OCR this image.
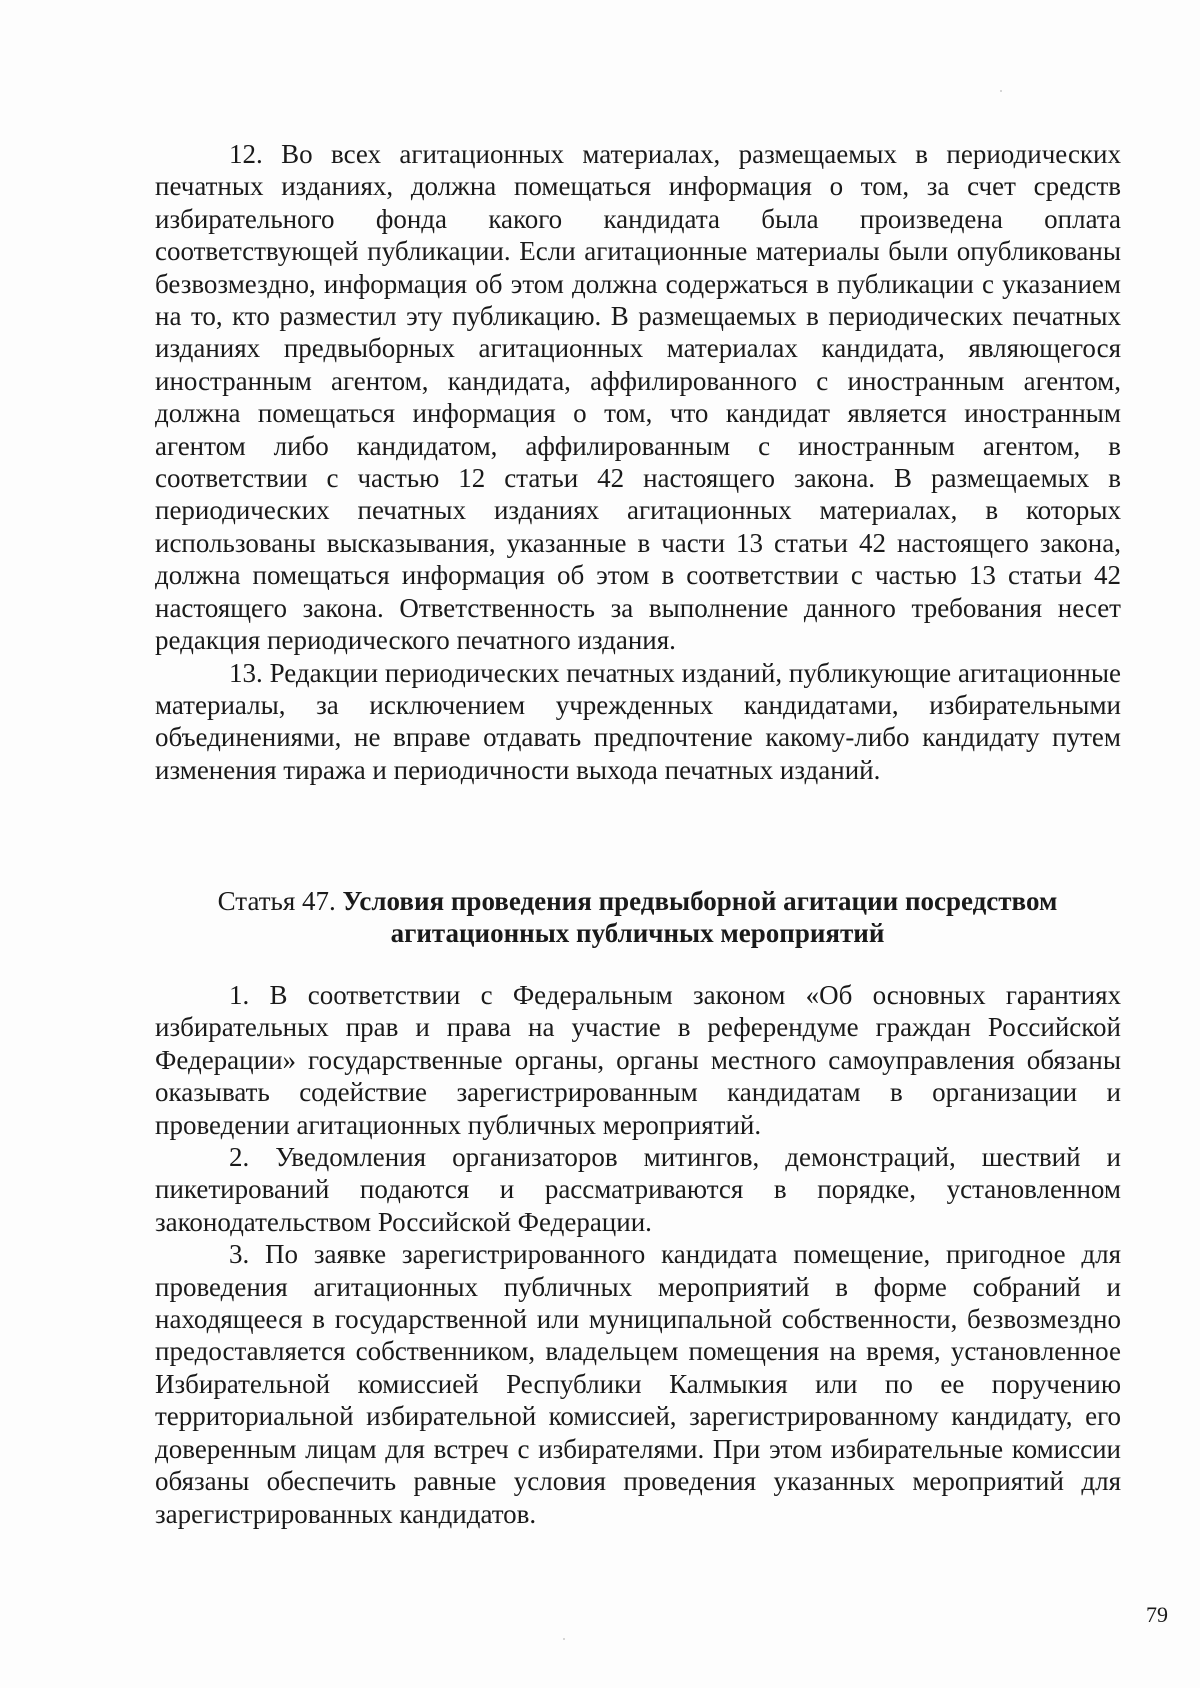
12. Во всех агитационных материалах, размещаемых в периодических печатных изданиях, должна помещаться информация о том, за счет средств избирательного фонда какого кандидата была произведена оплата соответствующей публикации. Если агитационные материалы были опубликованы безвозмездно, информация об этом должна содержаться в публикации с указанием на то, кто разместил эту публикацию. В размещаемых в периодических печатных изданиях предвыборных агитационных материалах кандидата, являющегося иностранным агентом, кандидата, аффилированного с иностранным агентом, должна помещаться информация о том, что кандидат является иностранным агентом либо кандидатом, аффилированным с иностранным агентом, в соответствии с частью 12 статьи 42 настоящего закона. В размещаемых в периодических печатных изданиях агитационных материалах, в которых использованы высказывания, указанные в части 13 статьи 42 настоящего закона, должна помещаться информация об этом в соответствии с частью 13 статьи 42 настоящего закона. Ответственность за выполнение данного требования несет редакция периодического печатного издания.

13. Редакции периодических печатных изданий, публикующие агитационные материалы, за исключением учрежденных кандидатами, избирательными объединениями, не вправе отдавать предпочтение какому-либо кандидату путем изменения тиража и периодичности выхода печатных изданий.

Статья 47. Условия проведения предвыборной агитации посредством агитационных публичных мероприятий

1. В соответствии с Федеральным законом «Об основных гарантиях избирательных прав и права на участие в референдуме граждан Российской Федерации» государственные органы, органы местного самоуправления обязаны оказывать содействие зарегистрированным кандидатам в организации и проведении агитационных публичных мероприятий.

2. Уведомления организаторов митингов, демонстраций, шествий и пикетирований подаются и рассматриваются в порядке, установленном законодательством Российской Федерации.

3. По заявке зарегистрированного кандидата помещение, пригодное для проведения агитационных публичных мероприятий в форме собраний и находящееся в государственной или муниципальной собственности, безвозмездно предоставляется собственником, владельцем помещения на время, установленное Избирательной комиссией Республики Калмыкия или по ее поручению территориальной избирательной комиссией, зарегистрированному кандидату, его доверенным лицам для встреч с избирателями. При этом избирательные комиссии обязаны обеспечить равные условия проведения указанных мероприятий для зарегистрированных кандидатов.

79
